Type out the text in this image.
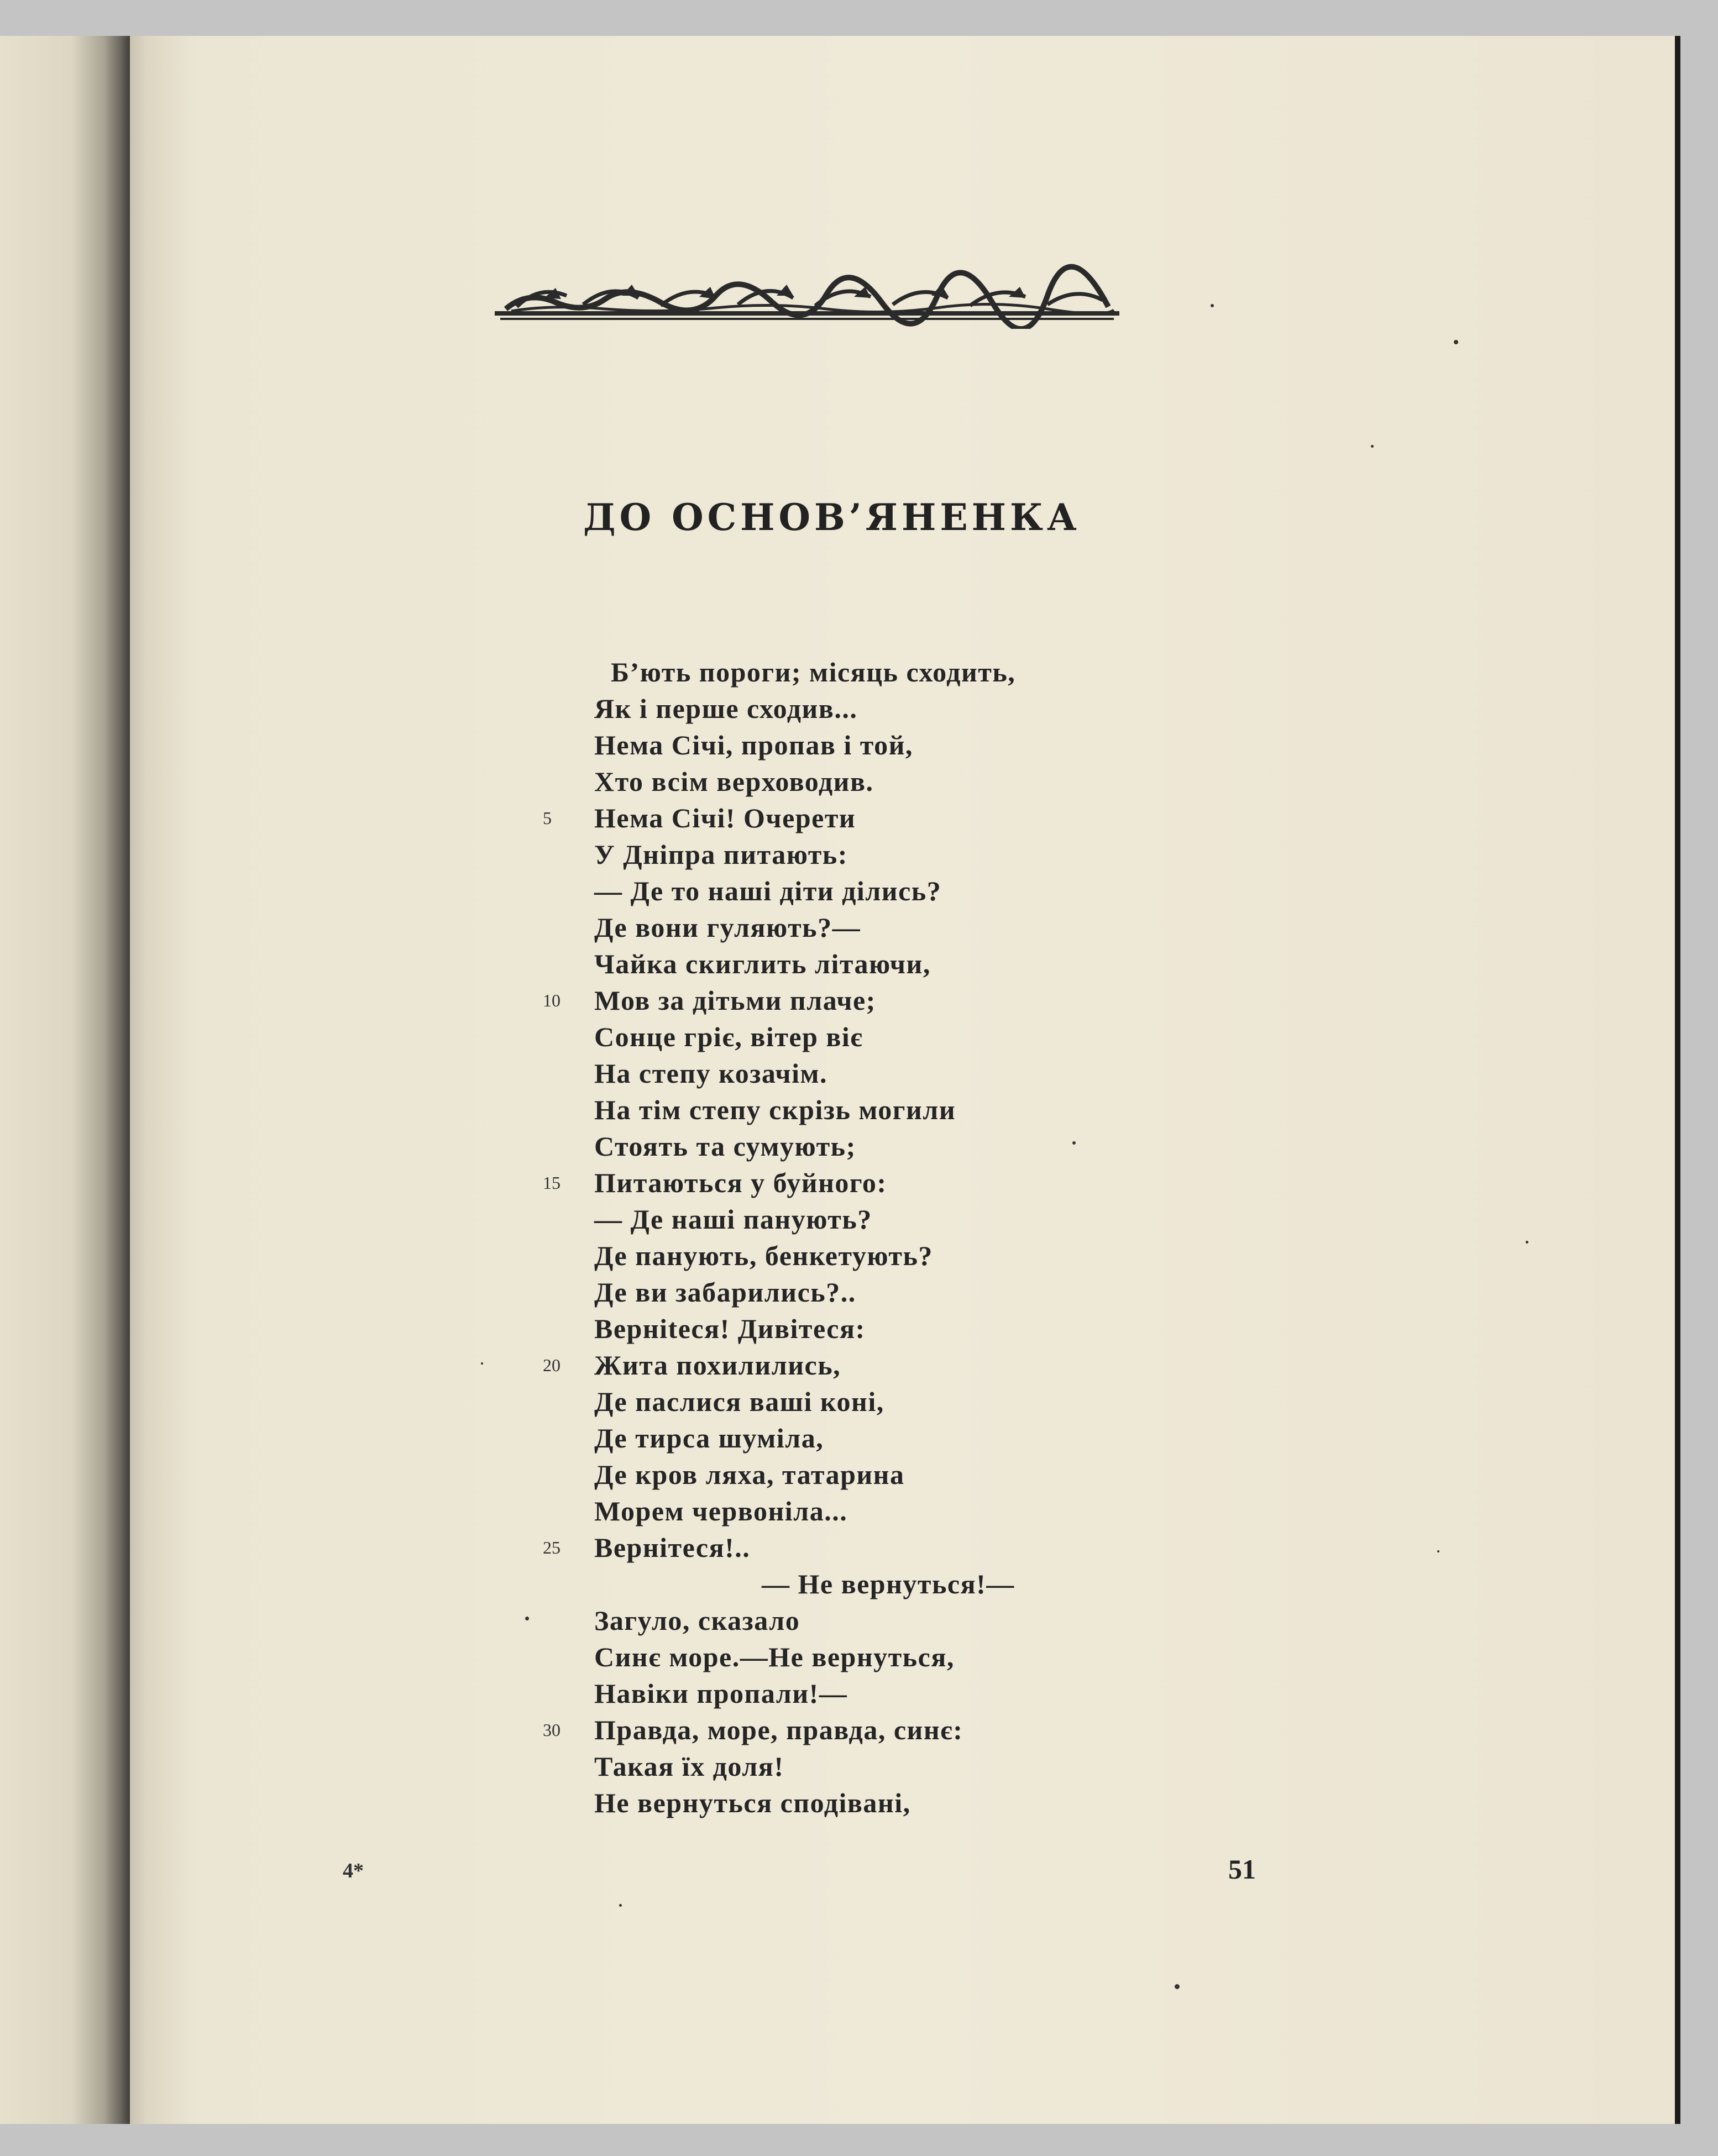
ДО ОСНОВ’ЯНЕНКА
Б’ють пороги; місяць сходить,
Як і перше сходив...
Нема Січі, пропав і той,
Хто всім верховодив.
Нема Січі! Очерети
У Дніпра питають:
— Де то наші діти ділись?
Де вони гуляють?—
Чайка скиглить літаючи,
Мов за дітьми плаче;
Сонце гріє, вітер віє
На степу козачім.
На тім степу скрізь могили
Стоять та сумують;
Питаються у буйного:
— Де наші панують?
Де панують, бенкетують?
Де ви забарились?..
Верніteся! Дивітеся:
Жита похилились,
Де паслися ваші коні,
Де тирса шуміла,
Де кров ляха, татарина
Морем червоніла...
Вернітеся!..
— Не вернуться!—
Загуло, сказало
Синє море.—Не вернуться,
Навіки пропали!—
Правда, море, правда, синє:
Такая їх доля!
Не вернуться сподівані,
5
10
15
20
25
30
4*	51
